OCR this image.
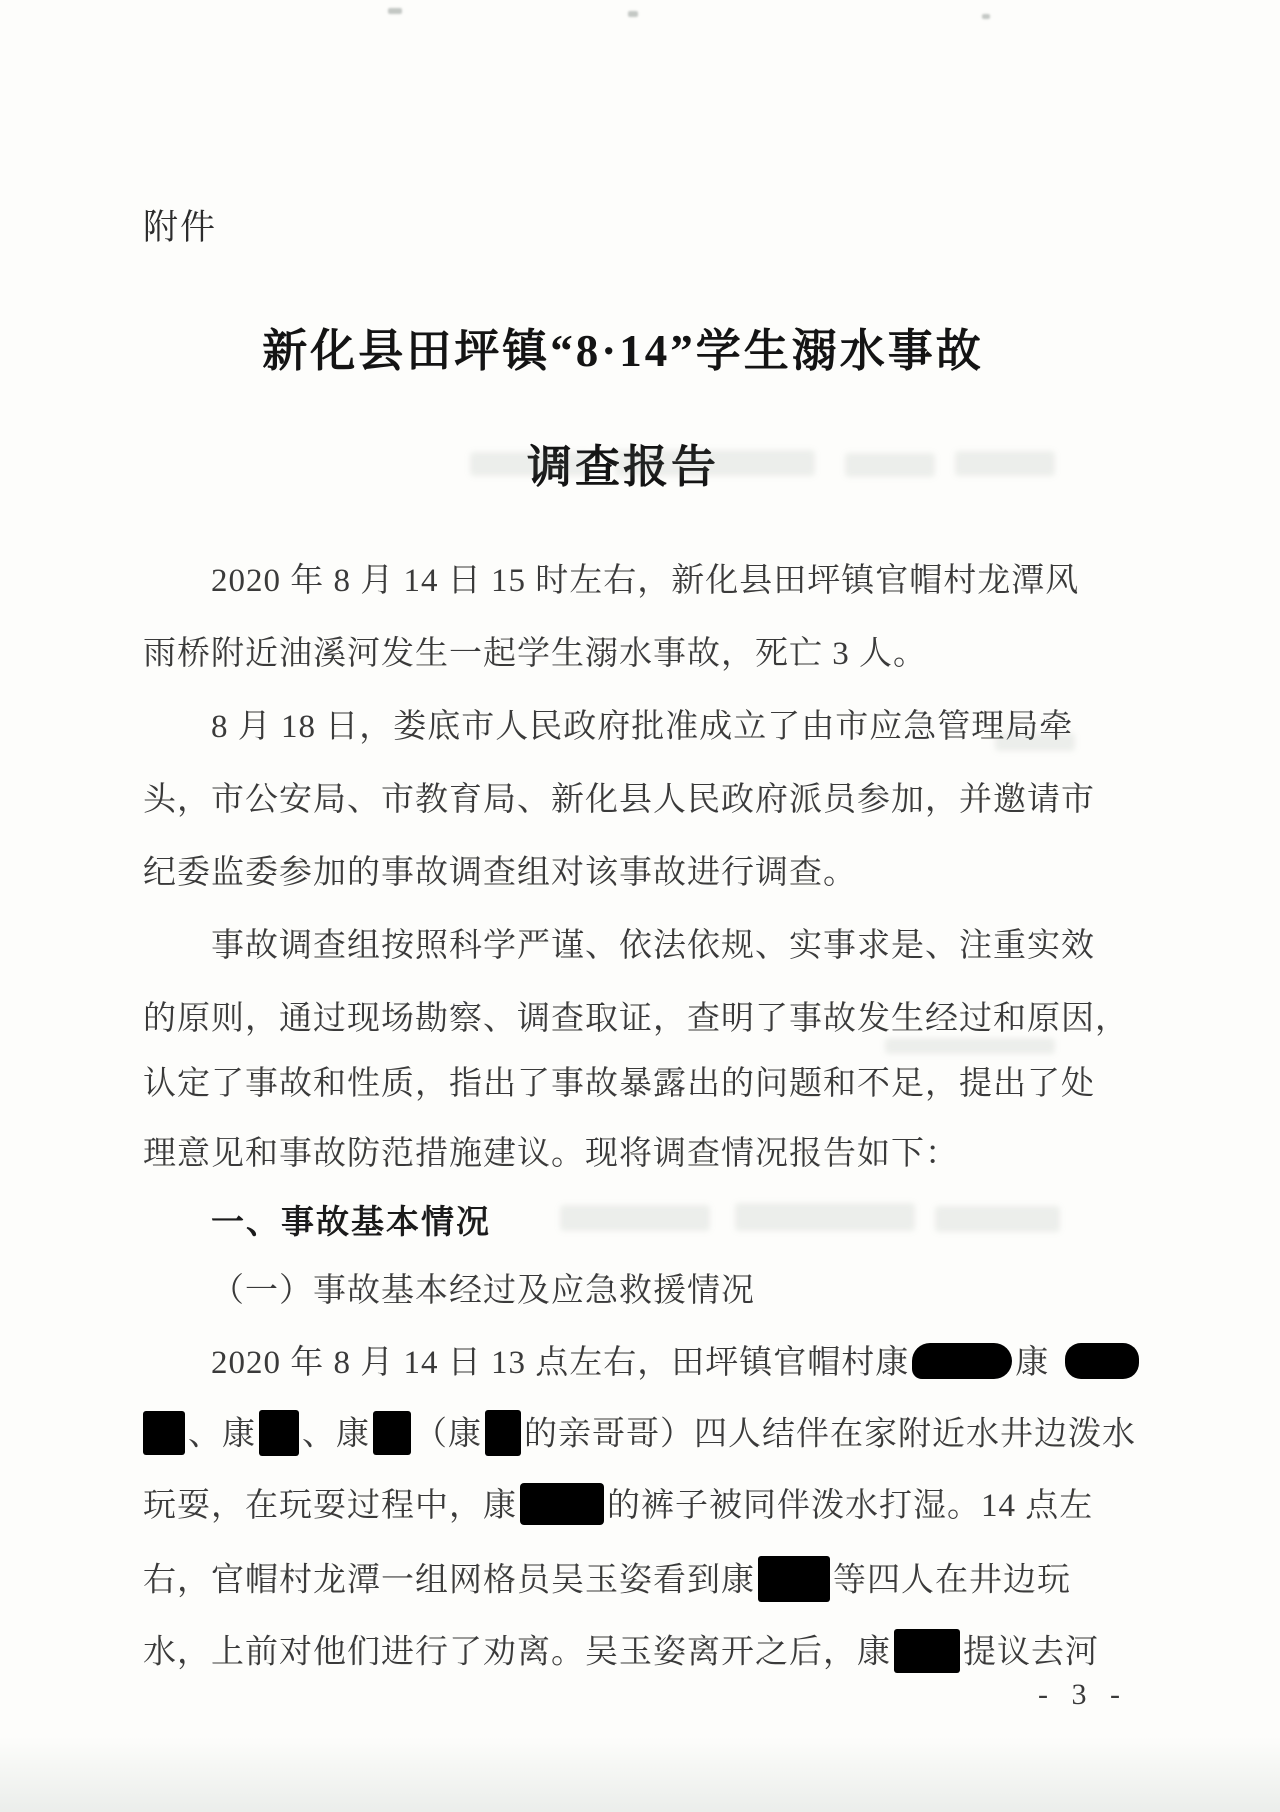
附件
新化县田坪镇“8·14”学生溺水事故
调查报告
2020 年 8 月 14 日 15 时左右，新化县田坪镇官帽村龙潭风
雨桥附近油溪河发生一起学生溺水事故，死亡 3 人。
8 月 18 日，娄底市人民政府批准成立了由市应急管理局牵
头，市公安局、市教育局、新化县人民政府派员参加，并邀请市
纪委监委参加的事故调查组对该事故进行调查。
事故调查组按照科学严谨、依法依规、实事求是、注重实效
的原则，通过现场勘察、调查取证，查明了事故发生经过和原因，
认定了事故和性质，指出了事故暴露出的问题和不足，提出了处
理意见和事故防范措施建议。现将调查情况报告如下：
一、事故基本情况
（一）事故基本经过及应急救援情况
2020 年 8 月 14 日 13 点左右，田坪镇官帽村康	康
、康 、康 （康 的亲哥哥）四人结伴在家附近水井边泼水
玩耍，在玩耍过程中，康	的裤子被同伴泼水打湿。14 点左
右，官帽村龙潭一组网格员吴玉姿看到康 等四人在井边玩
水，上前对他们进行了劝离。吴玉姿离开之后，康 提议去河
- 3 -
